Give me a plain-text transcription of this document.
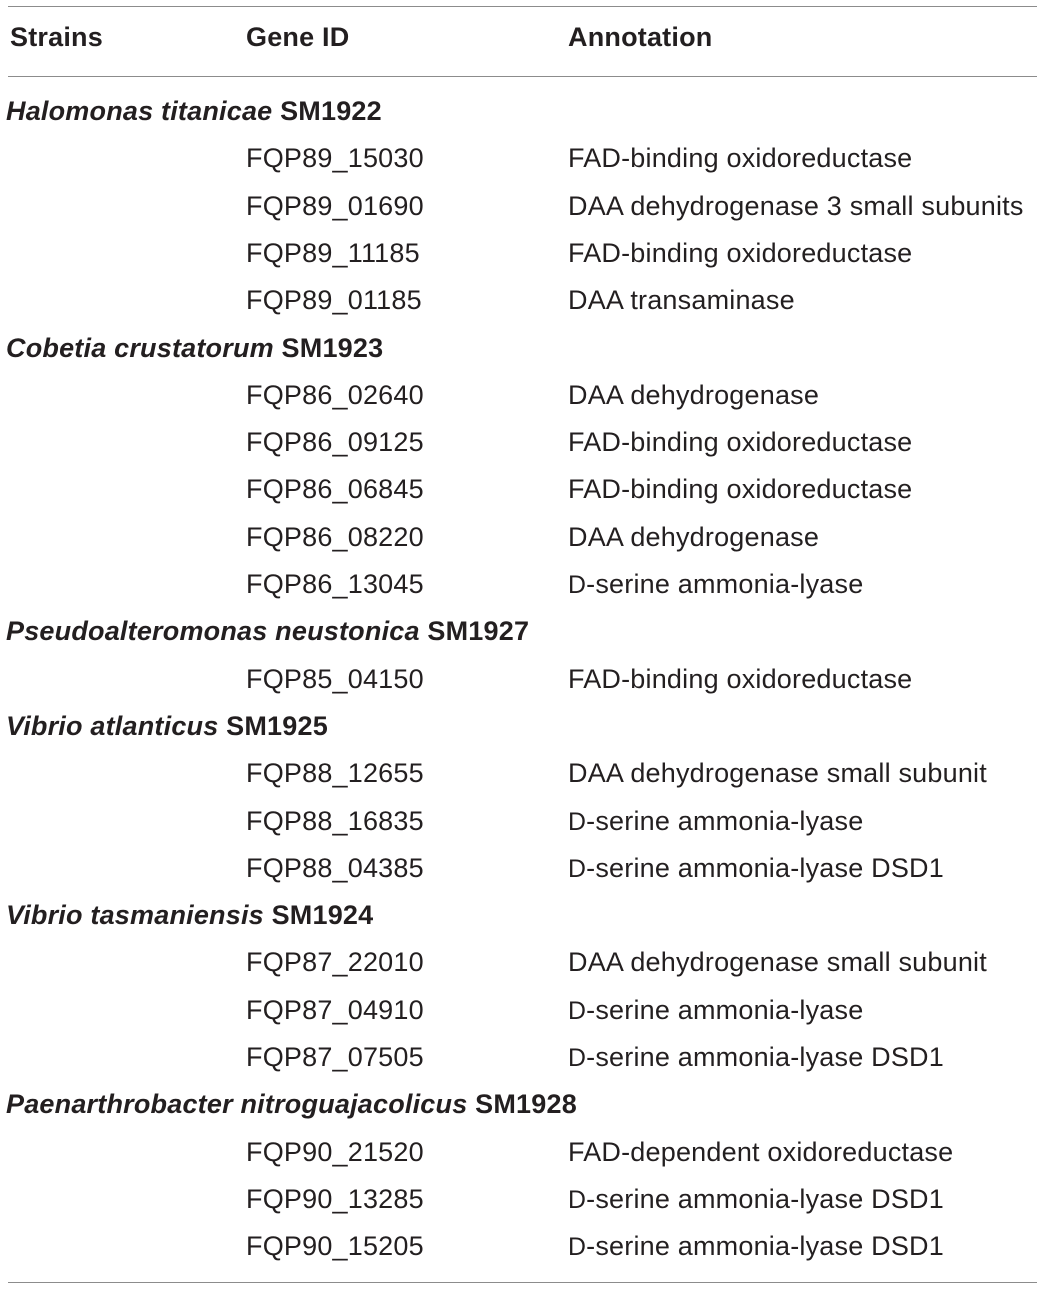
Strains	Gene ID	Annotation
Halomonas titanicae SM1922
FQP89_15030	FAD-binding oxidoreductase
FQP89_01690	DAA dehydrogenase 3 small subunits
FQP89_11185	FAD-binding oxidoreductase
FQP89_01185	DAA transaminase
Cobetia crustatorum SM1923
FQP86_02640	DAA dehydrogenase
FQP86_09125	FAD-binding oxidoreductase
FQP86_06845	FAD-binding oxidoreductase
FQP86_08220	DAA dehydrogenase
FQP86_13045	D-serine ammonia-lyase
Pseudoalteromonas neustonica SM1927
FQP85_04150	FAD-binding oxidoreductase
Vibrio atlanticus SM1925
FQP88_12655	DAA dehydrogenase small subunit
FQP88_16835	D-serine ammonia-lyase
FQP88_04385	D-serine ammonia-lyase DSD1
Vibrio tasmaniensis SM1924
FQP87_22010	DAA dehydrogenase small subunit
FQP87_04910	D-serine ammonia-lyase
FQP87_07505	D-serine ammonia-lyase DSD1
Paenarthrobacter nitroguajacolicus SM1928
FQP90_21520	FAD-dependent oxidoreductase
FQP90_13285	D-serine ammonia-lyase DSD1
FQP90_15205	D-serine ammonia-lyase DSD1
